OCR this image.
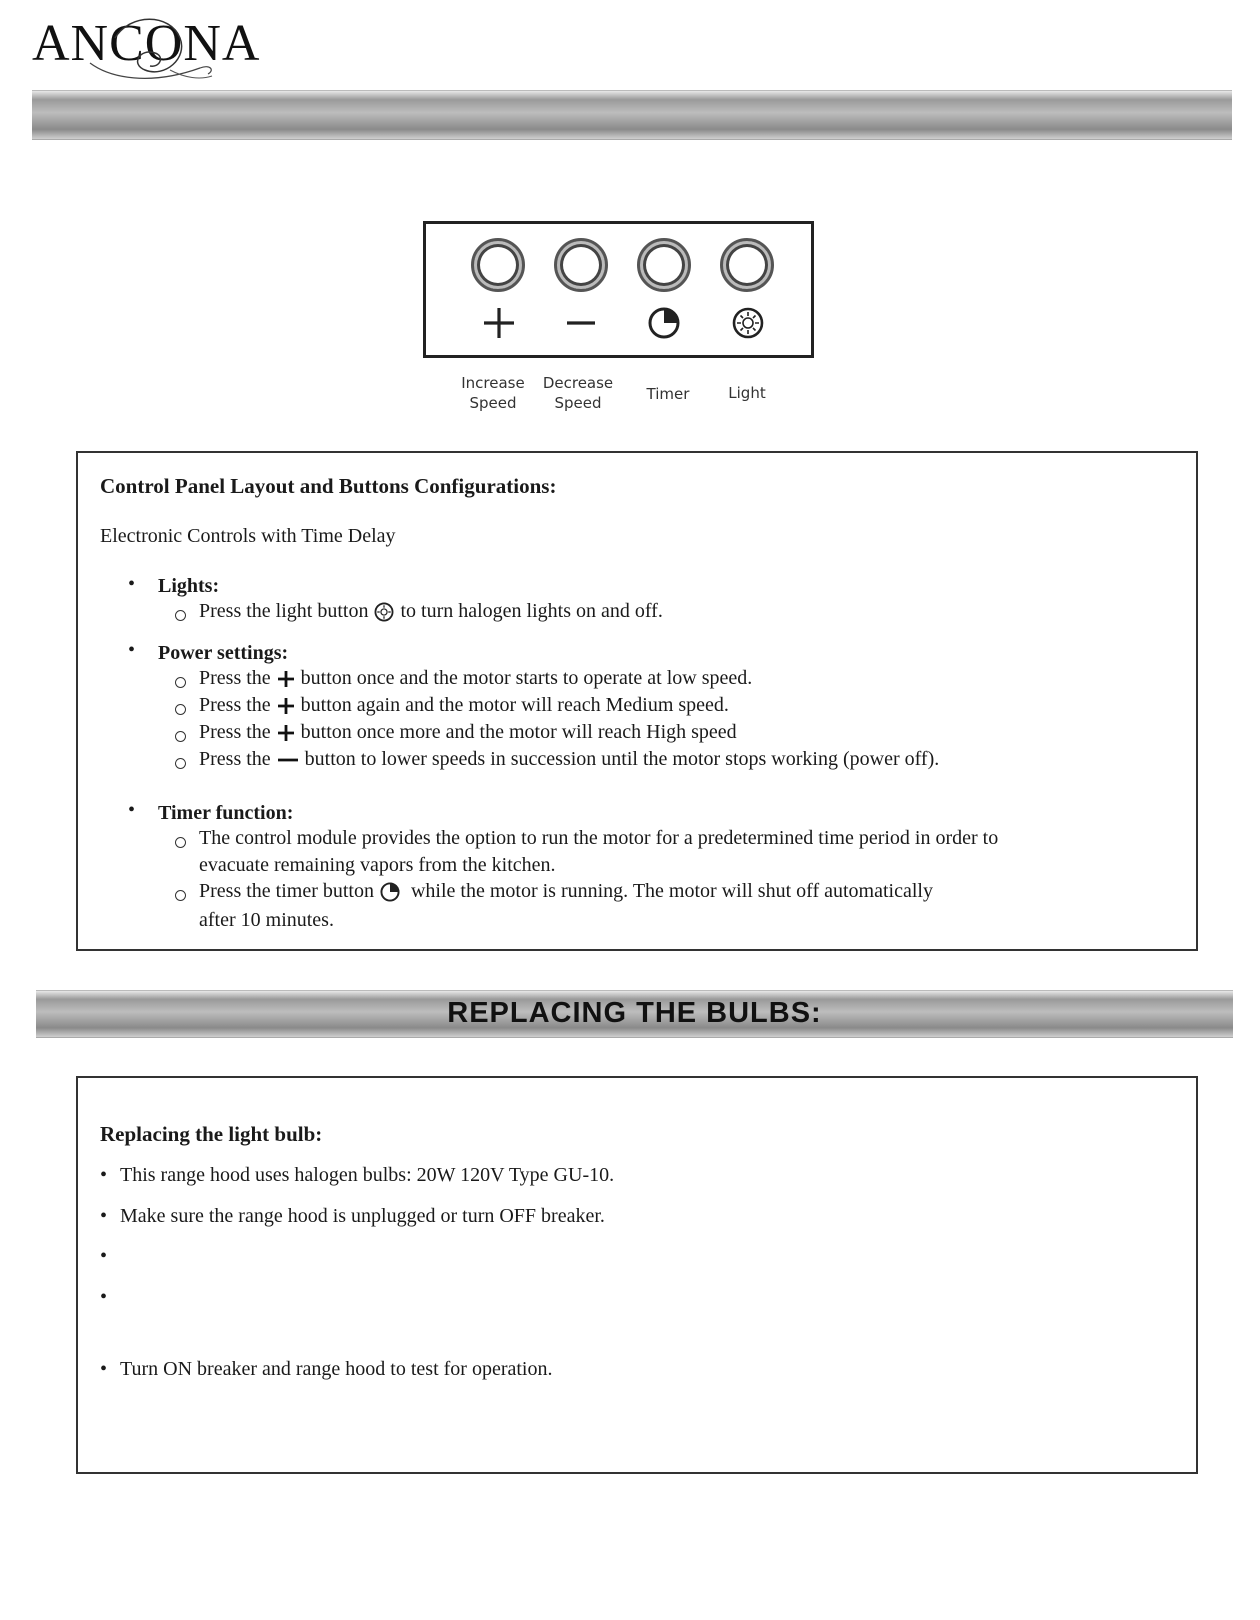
ANCONA
Increase
Speed
Decrease
Speed	Timer	Light
Control Panel Layout and Buttons Configurations:
Electronic Controls with Time Delay
• Lights:
Press the light button to turn halogen lights on and off.
• Power settings:
Press the button once and the motor starts to operate at low speed.
Press the button again and the motor will reach Medium speed.
Press the button once more and the motor will reach High speed
Press the button to lower speeds in succession until the motor stops working (power off).
• Timer function:
The control module provides the option to run the motor for a predetermined time period in order to
evacuate remaining vapors from the kitchen.
Press the timer button while the motor is running. The motor will shut off automatically
after 10 minutes.
REPLACING THE BULBS:
Replacing the light bulb:
• This range hood uses halogen bulbs: 20W 120V Type GU-10.
• Make sure the range hood is unplugged or turn OFF breaker.
•
•
• Turn ON breaker and range hood to test for operation.
